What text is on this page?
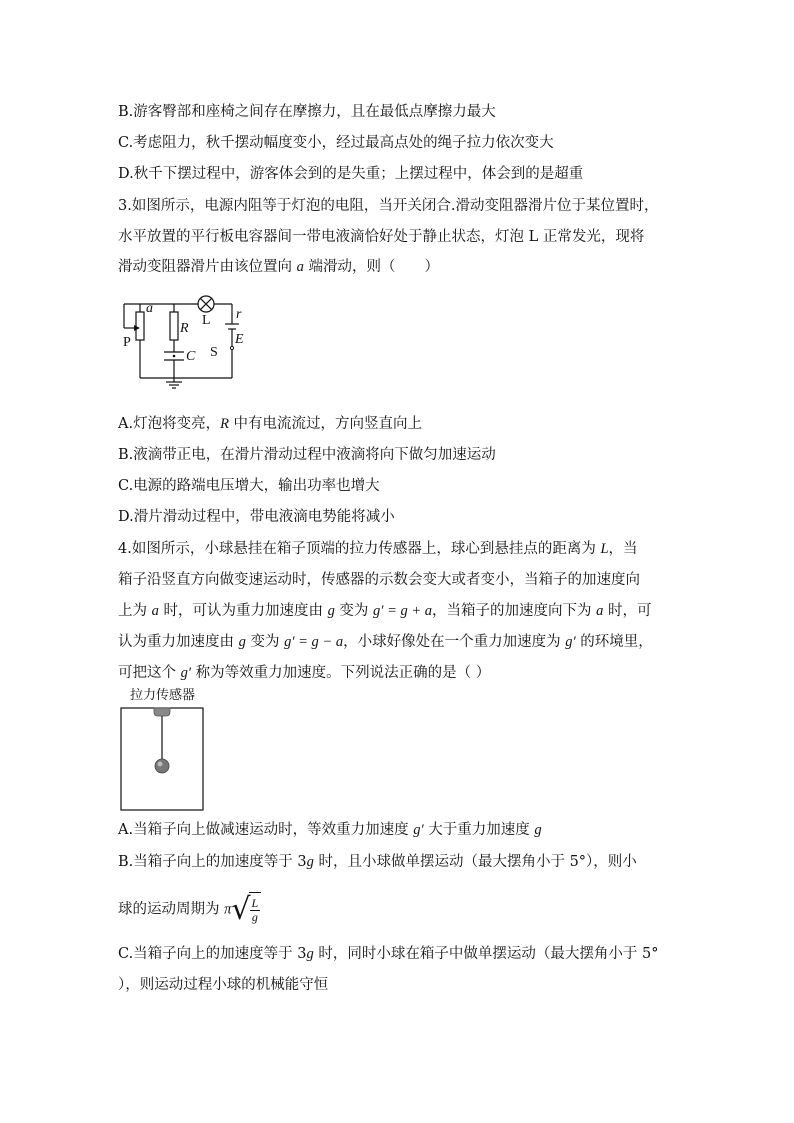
B.游客臀部和座椅之间存在摩擦力，且在最低点摩擦力最大
C.考虑阻力，秋千摆动幅度变小，经过最高点处的绳子拉力依次变大
D.秋千下摆过程中，游客体会到的是失重；上摆过程中，体会到的是超重
3.如图所示，电源内阻等于灯泡的电阻，当开关闭合.滑动变阻器滑片位于某位置时，
水平放置的平行板电容器间一带电液滴恰好处于静止状态，灯泡 L 正常发光，现将
滑动变阻器滑片由该位置向 a 端滑动，则（　　）
a
R
L r
P	E
S
C
A.灯泡将变亮，R 中有电流流过，方向竖直向上
B.液滴带正电，在滑片滑动过程中液滴将向下做匀加速运动
C.电源的路端电压增大，输出功率也增大
D.滑片滑动过程中，带电液滴电势能将减小
4.如图所示，小球悬挂在箱子顶端的拉力传感器上，球心到悬挂点的距离为 L，当
箱子沿竖直方向做变速运动时，传感器的示数会变大或者变小，当箱子的加速度向
上为 a 时，可认为重力加速度由 g 变为 g′ = g + a，当箱子的加速度向下为 a 时，可
认为重力加速度由 g 变为 g′ = g − a，小球好像处在一个重力加速度为 g′ 的环境里，
可把这个 g′ 称为等效重力加速度。下列说法正确的是（ ）
拉力传感器
A.当箱子向上做减速运动时，等效重力加速度 g′ 大于重力加速度 g
B.当箱子向上的加速度等于 3g 时，且小球做单摆运动（最大摆角小于 5°），则小
球的运动周期为 π √ $\frac{L}{g}$
C.当箱子向上的加速度等于 3g 时，同时小球在箱子中做单摆运动（最大摆角小于 5°
），则运动过程小球的机械能守恒
